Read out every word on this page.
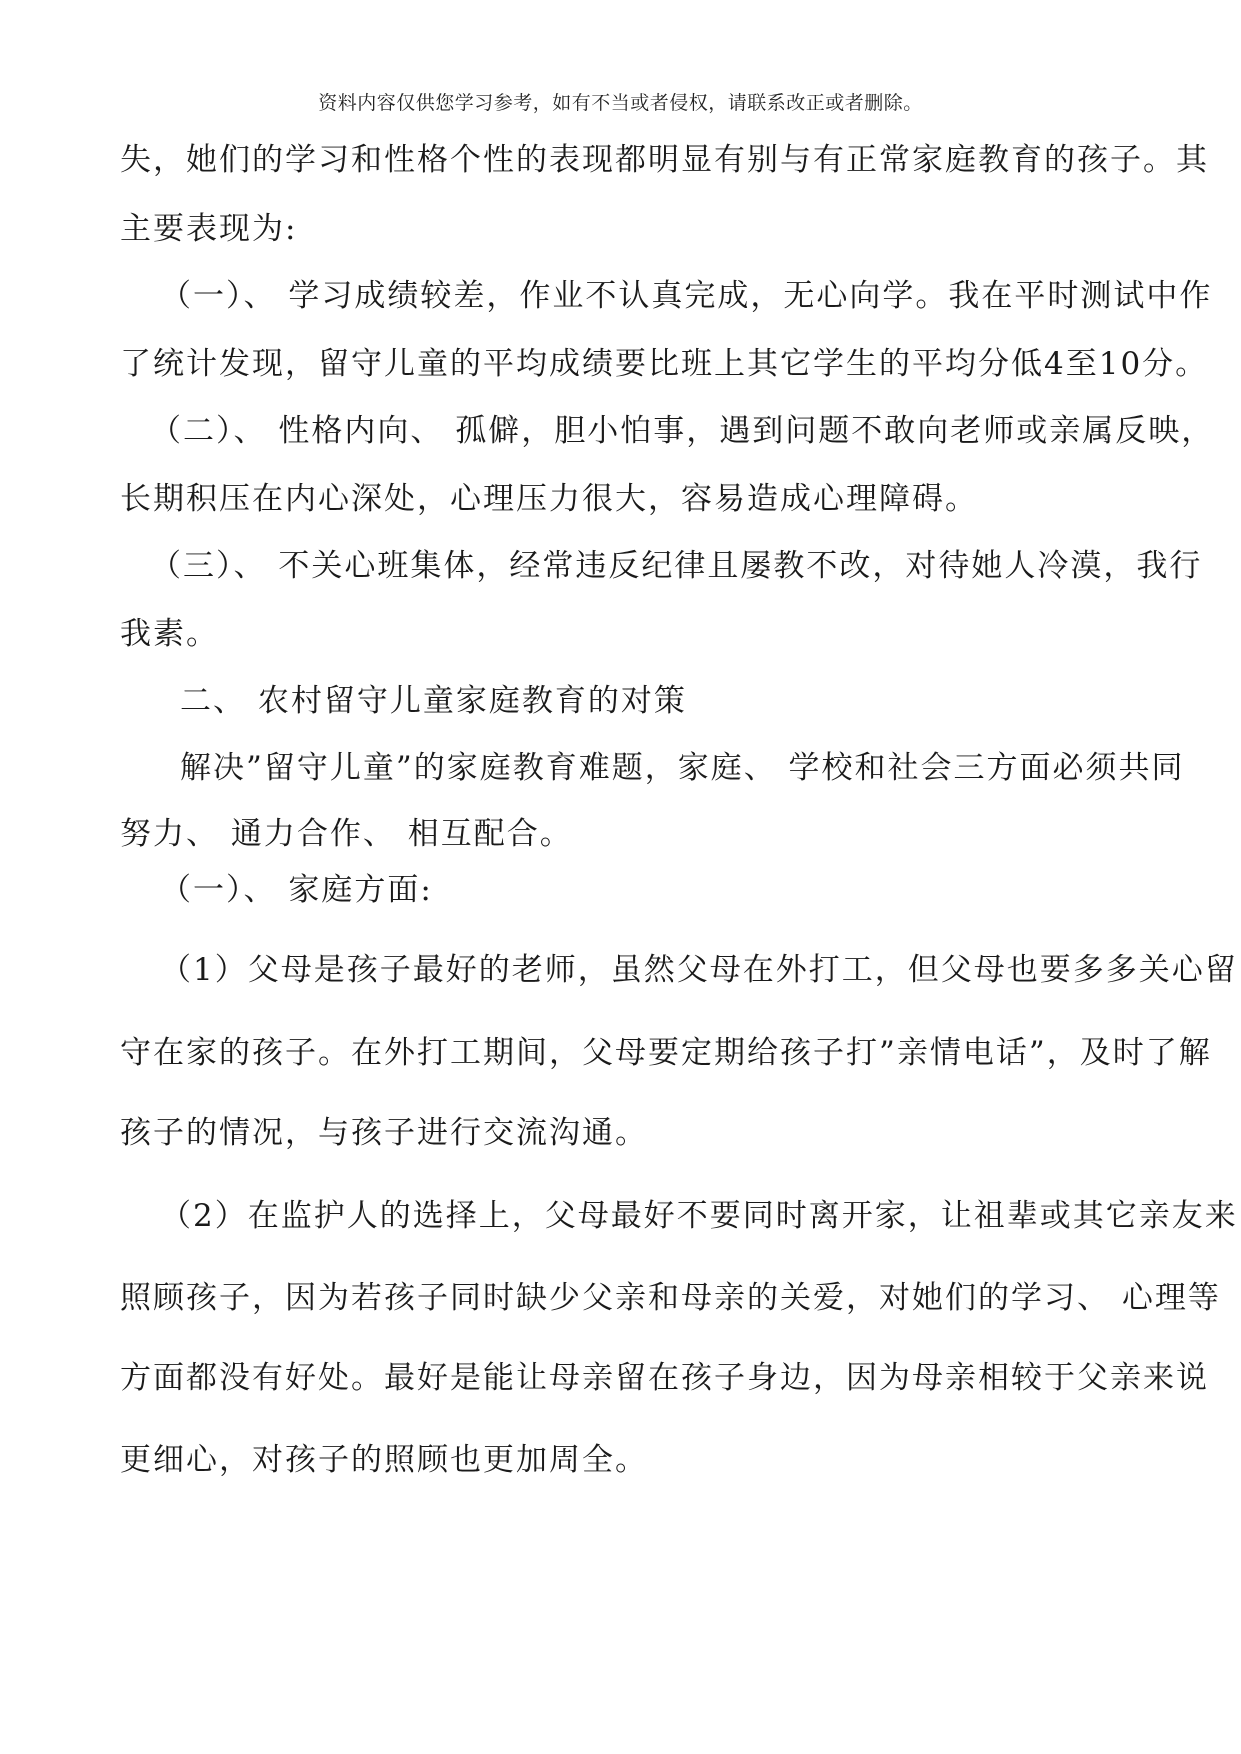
资料内容仅供您学习参考，如有不当或者侵权，请联系改正或者删除。
失，她们的学习和性格个性的表现都明显有别与有正常家庭教育的孩子。其
主要表现为:
（一）、 学习成绩较差，作业不认真完成，无心向学。我在平时测试中作
了统计发现，留守儿童的平均成绩要比班上其它学生的平均分低4至10分。
（二）、 性格内向、 孤僻，胆小怕事，遇到问题不敢向老师或亲属反映，
长期积压在内心深处，心理压力很大，容易造成心理障碍。
（三）、 不关心班集体，经常违反纪律且屡教不改，对待她人冷漠，我行
我素。
二、 农村留守儿童家庭教育的对策
解决”留守儿童”的家庭教育难题，家庭、 学校和社会三方面必须共同
努力、 通力合作、 相互配合。
（一）、 家庭方面:
（1）父母是孩子最好的老师，虽然父母在外打工，但父母也要多多关心留
守在家的孩子。在外打工期间，父母要定期给孩子打”亲情电话”，及时了解
孩子的情况，与孩子进行交流沟通。
（2）在监护人的选择上，父母最好不要同时离开家，让祖辈或其它亲友来
照顾孩子，因为若孩子同时缺少父亲和母亲的关爱，对她们的学习、 心理等
方面都没有好处。最好是能让母亲留在孩子身边，因为母亲相较于父亲来说
更细心，对孩子的照顾也更加周全。
